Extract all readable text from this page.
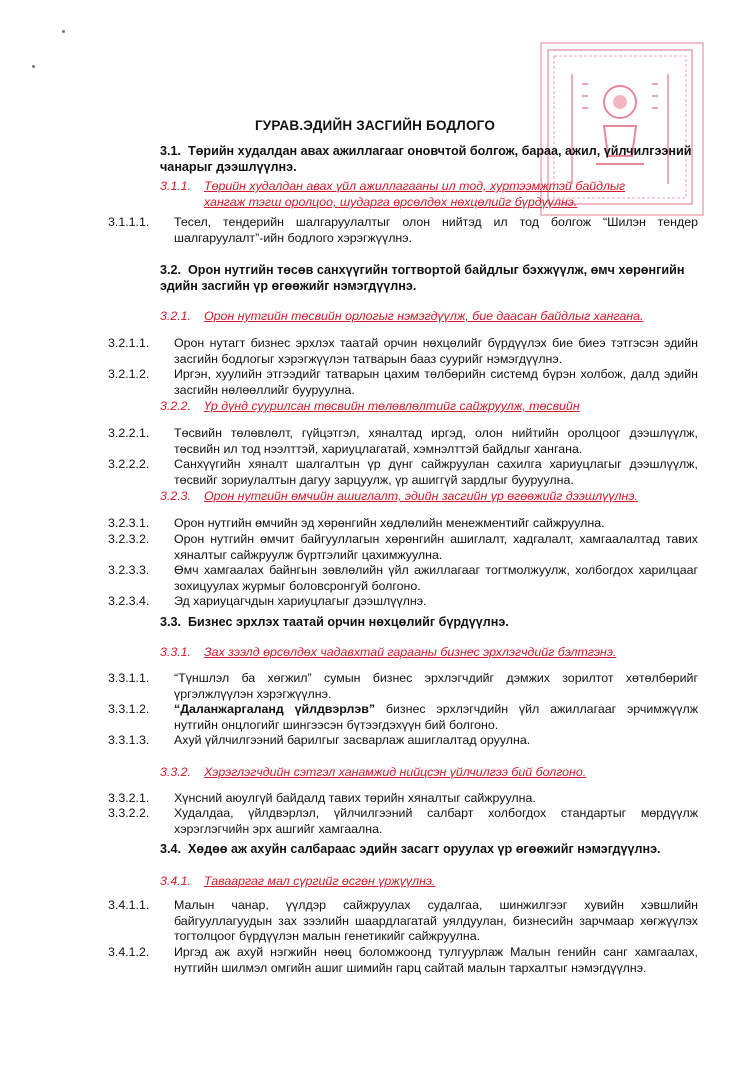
ГУРАВ.ЭДИЙН ЗАСГИЙН БОДЛОГО
3.1. Төрийн худалдан авах ажиллагааг оновчтой болгож, бараа, ажил, үйлчилгээний чанарыг дээшлүүлнэ.
3.1.1. Төрийн худалдан авах үйл ажиллагааны ил тод, хуртээмжтэй байдлыг
хангаж тэгш оролцоо, шударга өрсөлдөх нөхцөлийг бүрдүүлнэ.
3.1.1.1. Тесел, тендерийн шалгаруулалтыг олон нийтэд ил тод болгож “Шилэн тендер шалгаруулалт”-ийн бодлого хэрэгжүүлнэ.
3.2. Орон нутгийн төсөв санхүүгийн тогтвортой байдлыг бэхжүүлж, өмч хөрөнгийн эдийн засгийн үр өгөөжийг нэмэгдүүлнэ.
3.2.1. Орон нутгийн төсвийн орлогыг нэмэгдүүлж, бие даасан байдлыг хангана.
3.2.1.1. Орон нутагт бизнес эрхлэх таатай орчин нөхцөлийг бүрдүүлэх бие биеэ тэтгэсэн эдийн засгийн бодлогыг хэрэгжүүлэн татварын бааз суурийг нэмэгдүүлнэ.
3.2.1.2. Иргэн, хуулийн этгээдийг татварын цахим төлбөрийн системд бүрэн холбож, далд эдийн засгийн нөлөөллийг бууруулна.
3.2.2. Үр дүнд суурилсан төсвийн төлөвлөлтийг сайжруулж, төсвийн
3.2.2.1. Төсвийн төлөвлөлт, гүйцэтгэл, хяналтад иргэд, олон нийтийн оролцоог дээшлүүлж, төсвийн ил тод нээлттэй, хариуцлагатай, хэмнэлттэй байдлыг хангана.
3.2.2.2. Санхүүгийн хяналт шалгалтын үр дүнг сайжруулан сахилга хариуцлагыг дээшлүүлж, төсвийг зориулалтын дагуу зарцуулж, үр ашиггүй зардлыг бууруулна.
3.2.3. Орон нутгийн өмчийн ашиглалт, эдийн засгийн үр өгөөжийг дээшлүүлнэ.
3.2.3.1. Орон нутгийн өмчийн эд хөрөнгийн хөдлөлийн менежментийг сайжруулна.
3.2.3.2. Орон нутгийн өмчит байгууллагын хөрөнгийн ашиглалт, хадгалалт, хамгаалалтад тавих хяналтыг сайжруулж бүртгэлийг цахимжуулна.
3.2.3.3. Өмч хамгаалах байнгын зөвлөлийн үйл ажиллагааг тогтмолжуулж, холбогдох харилцааг зохицуулах журмыг боловсронгуй болгоно.
3.2.3.4. Эд хариуцагчдын хариуцлагыг дээшлүүлнэ.
3.3. Бизнес эрхлэх таатай орчин нөхцөлийг бүрдүүлнэ.
3.3.1. Зах зээлд өрсөлдөх чадавхтай гарааны бизнес эрхлэгчдийг бэлтгэнэ.
3.3.1.1. “Түншлэл ба хөгжил” сумын бизнес эрхлэгчдийг дэмжих зорилтот хөтөлбөрийг үргэлжлүүлэн хэрэгжүүлнэ.
3.3.1.2. “Даланжаргаланд үйлдвэрлэв” бизнес эрхлэгчдийн үйл ажиллагааг эрчимжүүлж нутгийн онцлогийг шингээсэн бүтээгдэхүүн бий болгоно.
3.3.1.3. Ахуй үйлчилгээний барилгыг засварлаж ашиглалтад оруулна.
3.3.2. Хэрэглэгчдийн сэтгэл ханамжид нийцсэн үйлчилгээ бий болгоно.
3.3.2.1. Хүнсний аюулгүй байдалд тавих төрийн хяналтыг сайжруулна.
3.3.2.2. Худалдаа, үйлдвэрлэл, үйлчилгээний салбарт холбогдох стандартыг мөрдүүлж хэрэглэгчийн эрх ашгийг хамгаална.
3.4. Хөдөө аж ахуйн салбараас эдийн засагт оруулах үр өгөөжийг нэмэгдүүлнэ.
3.4.1. Тавааргаг мал сүргийг өсгөн үржүүлнэ.
3.4.1.1. Малын чанар, үүлдэр сайжруулах судалгаа, шинжилгээг хувийн хэвшлийн байгууллагуудын зах зээлийн шаардлагатай уялдуулан, бизнесийн зарчмаар хөгжүүлэх тогтолцоог бүрдүүлэн малын генетикийг сайжруулна.
3.4.1.2. Иргэд аж ахуй нэгжийн нөөц боломжоонд тулгуурлаж Малын генийн санг хамгаалах, нутгийн шилмэл омгийн ашиг шимийн гарц сайтай малын тархалтыг нэмэгдүүлнэ.
